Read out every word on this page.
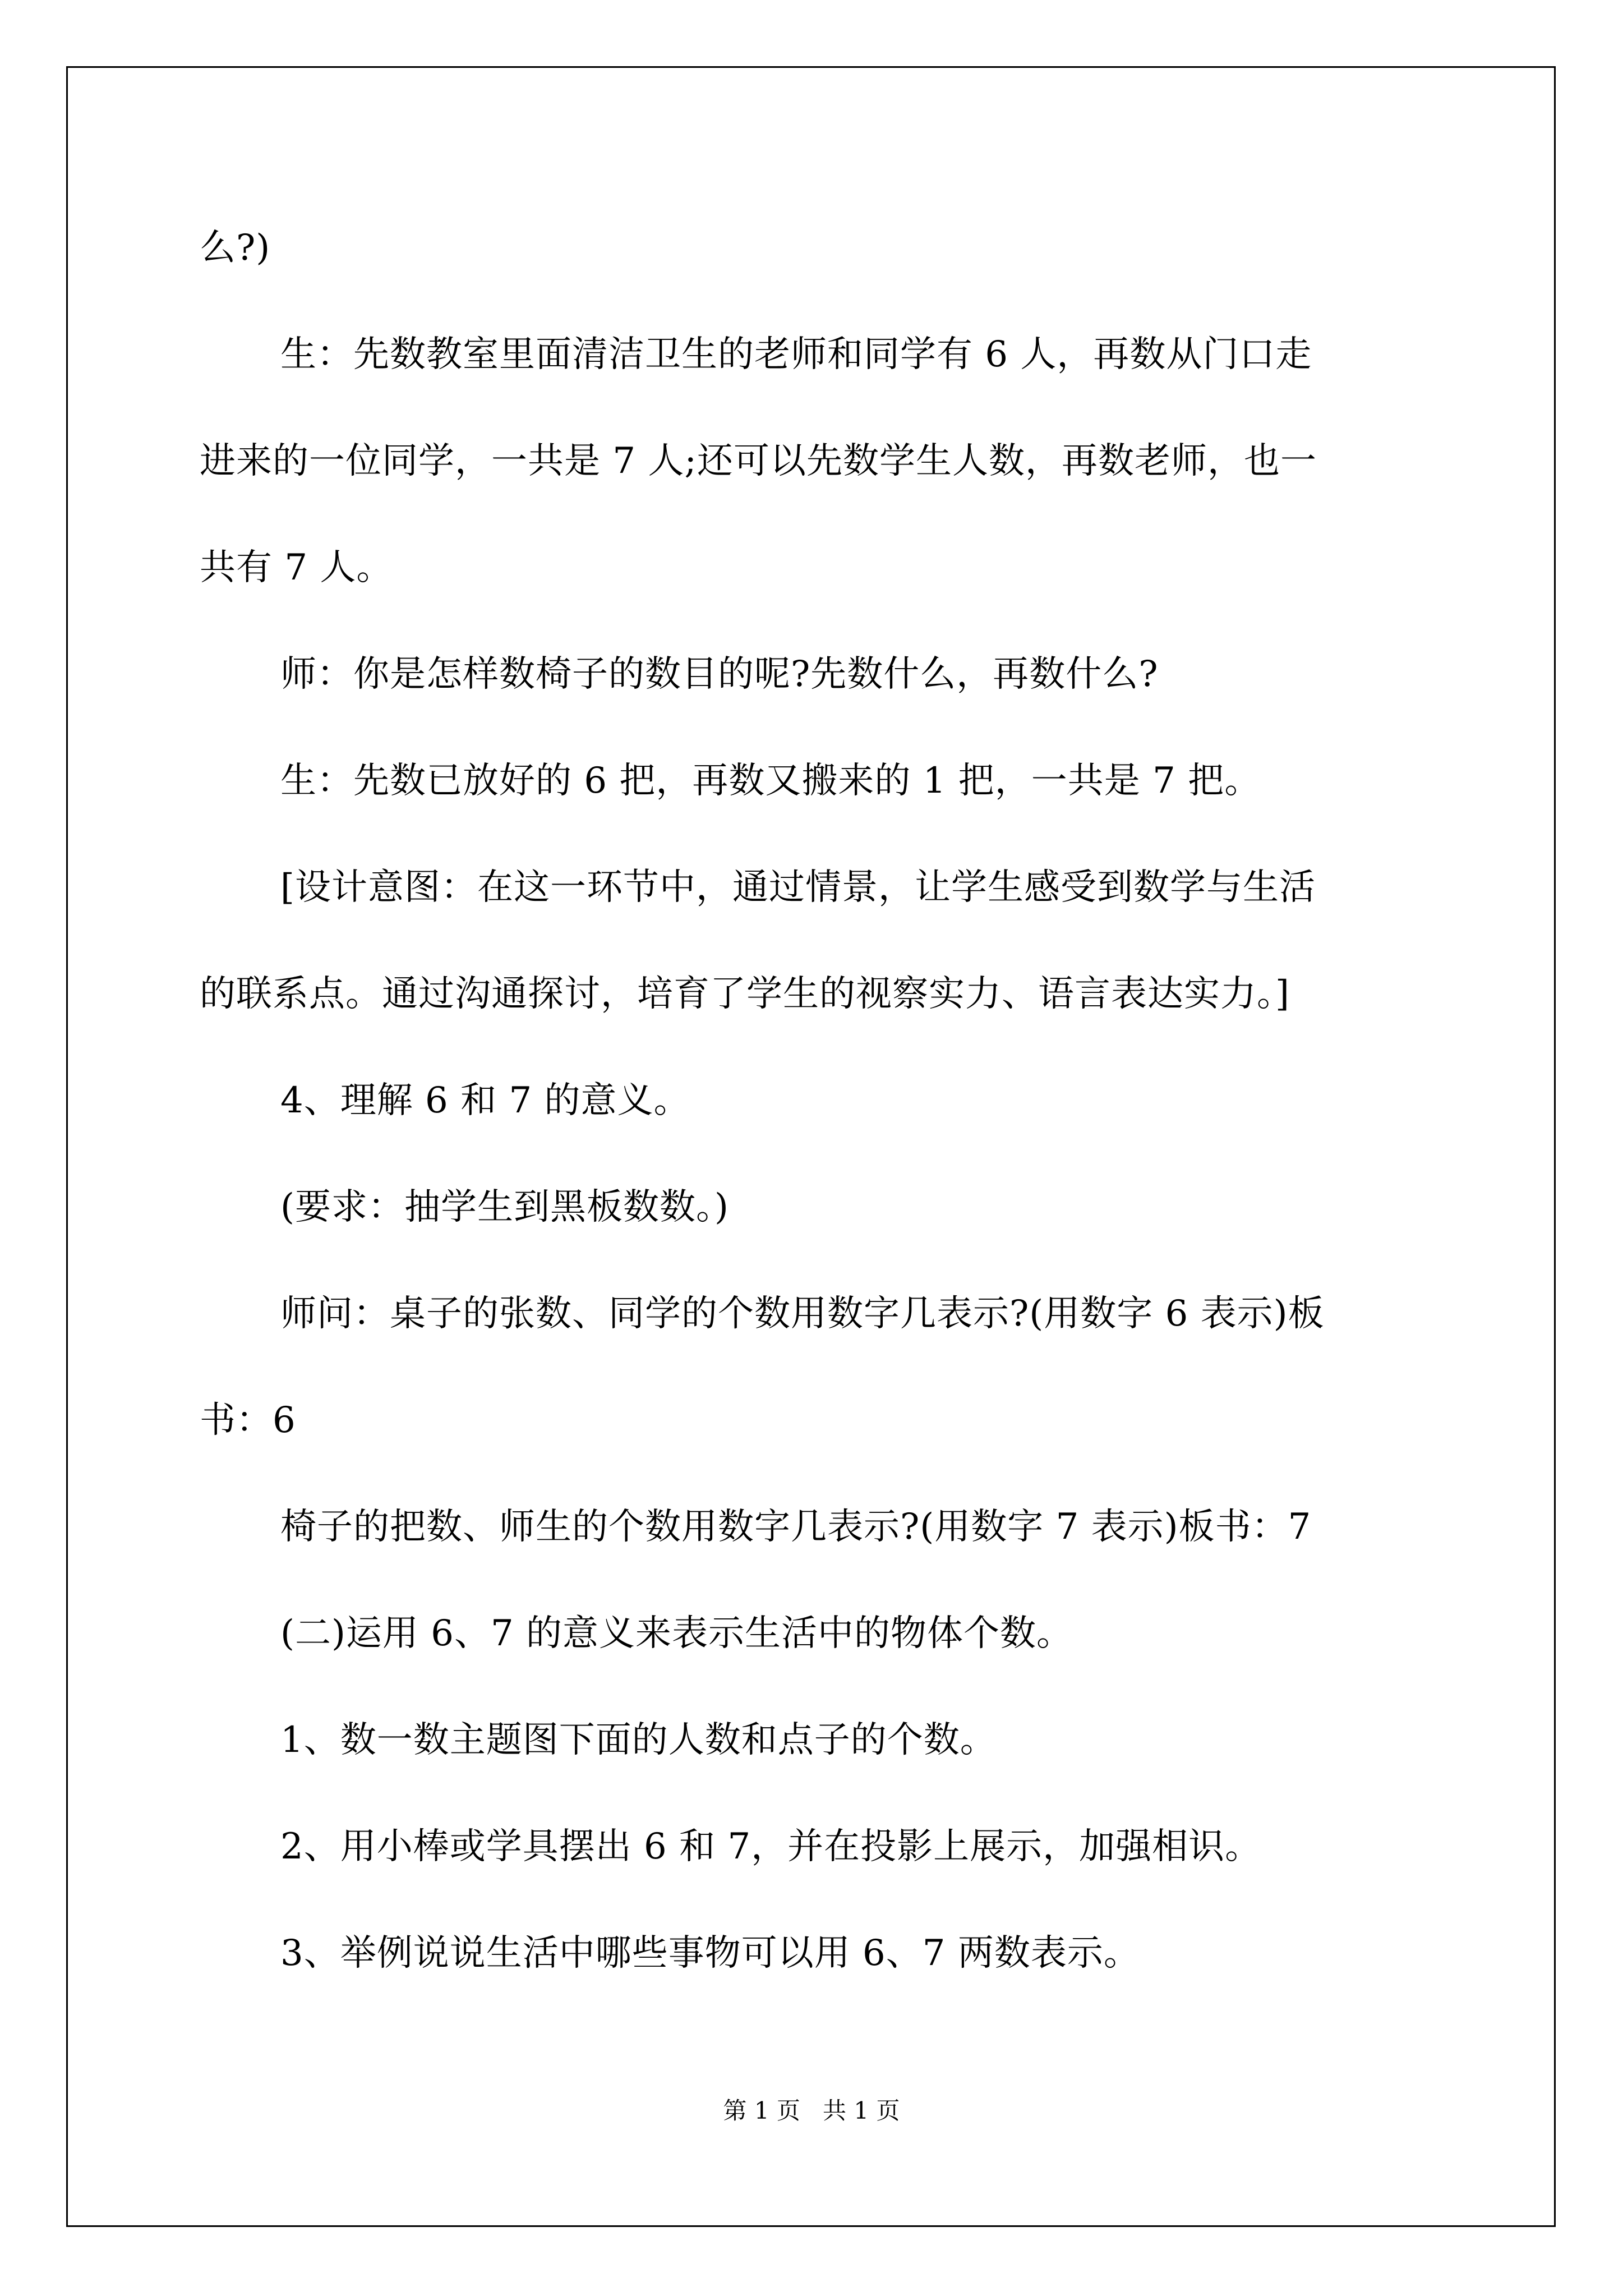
么?)

生：先数教室里面清洁卫生的老师和同学有 6 人，再数从门口走

进来的一位同学，一共是 7 人;还可以先数学生人数，再数老师，也一

共有 7 人。

师：你是怎样数椅子的数目的呢?先数什么，再数什么?

生：先数已放好的 6 把，再数又搬来的 1 把，一共是 7 把。

[设计意图：在这一环节中，通过情景，让学生感受到数学与生活

的联系点。通过沟通探讨，培育了学生的视察实力、语言表达实力。]

4、理解 6 和 7 的意义。

(要求：抽学生到黑板数数。)

师问：桌子的张数、同学的个数用数字几表示?(用数字 6 表示)板

书：6

椅子的把数、师生的个数用数字几表示?(用数字 7 表示)板书：7

(二)运用 6、7 的意义来表示生活中的物体个数。

1、数一数主题图下面的人数和点子的个数。

2、用小棒或学具摆出 6 和 7，并在投影上展示，加强相识。

3、举例说说生活中哪些事物可以用 6、7 两数表示。

第 1 页   共 1 页
